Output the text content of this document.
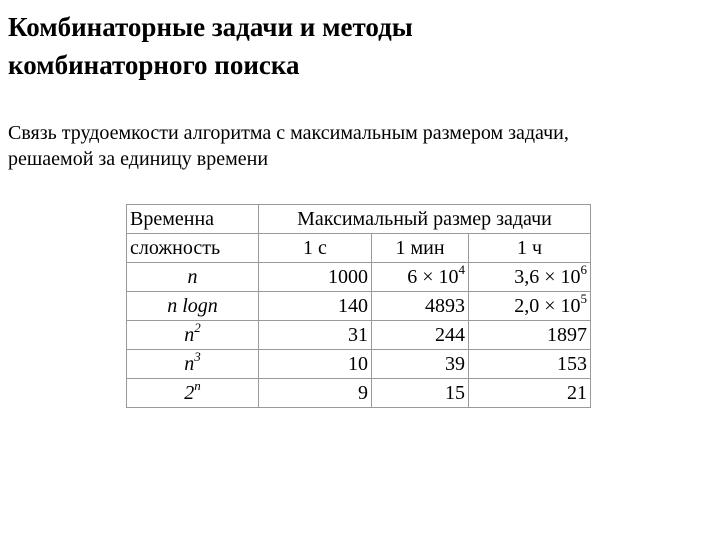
Комбинаторные задачи и методы
комбинаторного поиска
Связь трудоемкости алгоритма с максимальным размером задачи,
решаемой за единицу времени
Временна	Максимальный размер задачи		
сложность	1 с	1 мин	1 ч
n	1000	$6 \times 10^4$	$3,6 \times 10^6$
n logn	140	4893	$2,0 \times 10^5$
$n^2$	31	244	1897
$n^3$	10	39	153
2$^n$	9	15	21
